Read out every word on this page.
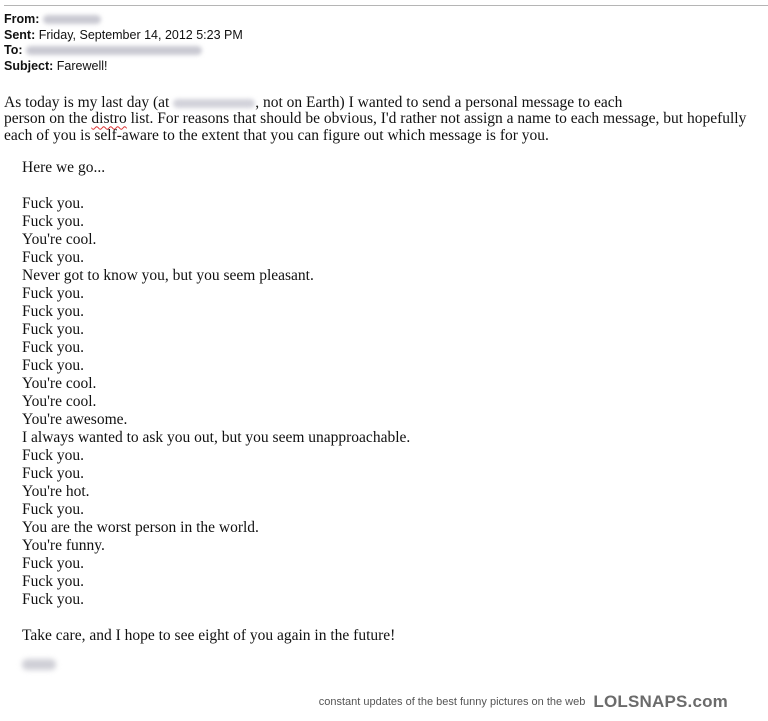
From:
Sent: Friday, September 14, 2012 5:23 PM
To:
Subject: Farewell!
As today is my last day (at	, not on Earth) I wanted to send a personal message to each
person on the distro list. For reasons that should be obvious, I'd rather not assign a name to each message, but hopefully
each of you is self-aware to the extent that you can figure out which message is for you.
Here we go...
Fuck you.
Fuck you.
You're cool.
Fuck you.
Never got to know you, but you seem pleasant.
Fuck you.
Fuck you.
Fuck you.
Fuck you.
Fuck you.
You're cool.
You're cool.
You're awesome.
I always wanted to ask you out, but you seem unapproachable.
Fuck you.
Fuck you.
You're hot.
Fuck you.
You are the worst person in the world.
You're funny.
Fuck you.
Fuck you.
Fuck you.
Take care, and I hope to see eight of you again in the future!
constant updates of the best funny pictures on the web LOLSNAPS.com
